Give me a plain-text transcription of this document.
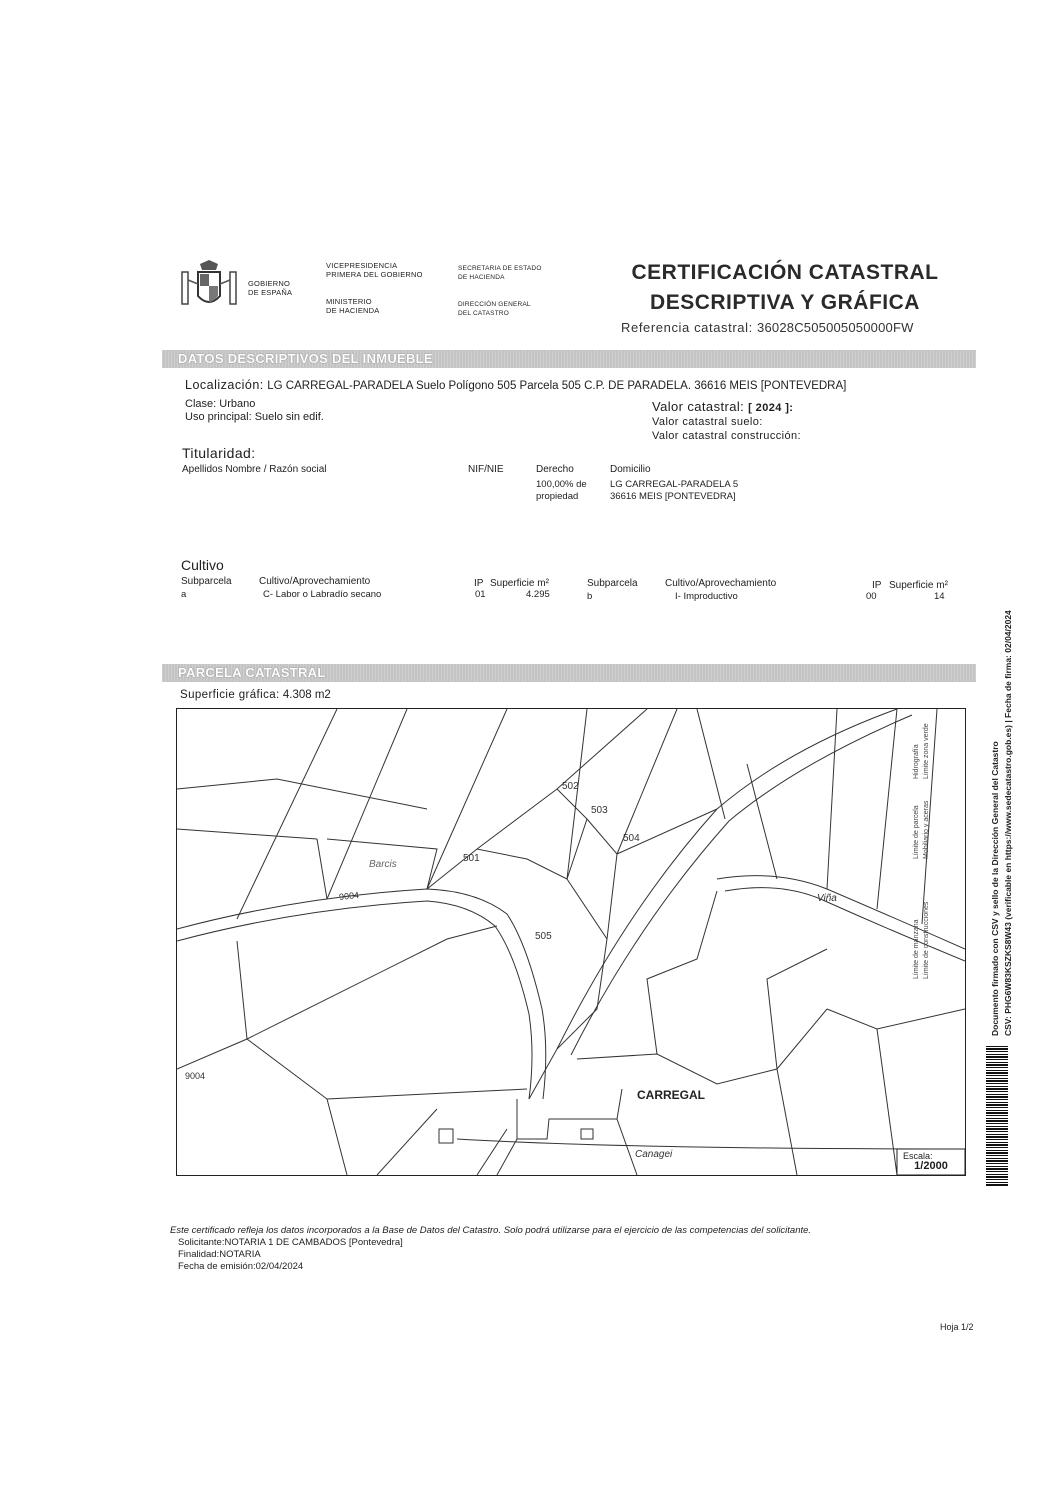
GOBIERNO
DE ESPAÑA
VICEPRESIDENCIA
PRIMERA DEL GOBIERNO
MINISTERIO
DE HACIENDA
SECRETARIA DE ESTADO
DE HACIENDA
DIRECCIÓN GENERAL
DEL CATASTRO
CERTIFICACIÓN CATASTRAL
DESCRIPTIVA Y GRÁFICA
Referencia catastral: 36028C505005050000FW
DATOS DESCRIPTIVOS DEL INMUEBLE
Localización: LG CARREGAL-PARADELA Suelo Polígono 505 Parcela 505 C.P. DE PARADELA. 36616 MEIS [PONTEVEDRA]
Clase: Urbano
Uso principal: Suelo sin edif.
Valor catastral: [ 2024 ]:
Valor catastral suelo:
Valor catastral construcción:
Titularidad:
Apellidos Nombre / Razón social	NIF/NIE	Derecho	Domicilio
100,00% de
propiedad
LG CARREGAL-PARADELA 5
36616 MEIS [PONTEVEDRA]
Cultivo
Subparcela	Cultivo/Aprovechamiento	IP Superficie m²
a	C- Labor o Labradío secano	01	4.295
Subparcela	Cultivo/Aprovechamiento	IP Superficie m²
b	I- Improductivo	00	14
PARCELA CATASTRAL
Superficie gráfica: 4.308 m2
502
503
504
501
505
Barcis
Viña
CARREGAL
Canagei
9004
9004
Límite de manzana
Límite de parcela
Límite de construcciones
Mobiliario y aceras
Límite zona verde
Hidrografía
Escala:
1/2000
Este certificado refleja los datos incorporados a la Base de Datos del Catastro. Solo podrá utilizarse para el ejercicio de las competencias del solicitante.
Solicitante:NOTARIA 1 DE CAMBADOS [Pontevedra]
Finalidad:NOTARIA
Fecha de emisión:02/04/2024
Hoja 1/2
Documento firmado con CSV y sello de la Dirección General del Catastro CSV: PHG6W83KSZKS8W43 (verificable en https://www.sedecatastro.gob.es) | Fecha de firma: 02/04/2024
